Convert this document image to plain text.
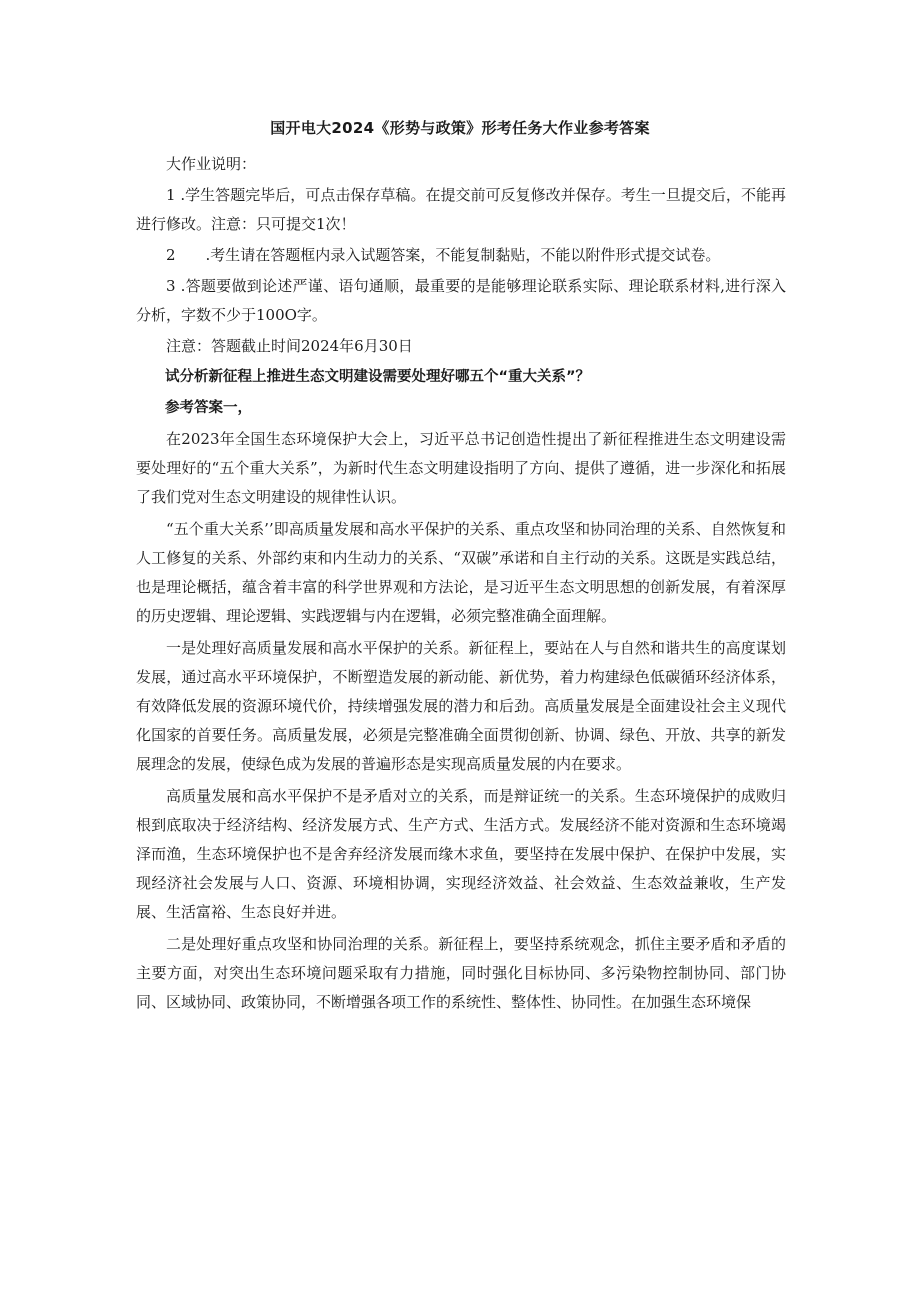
国开电大2024《形势与政策》形考任务大作业参考答案

大作业说明：

1 .学生答题完毕后，可点击保存草稿。在提交前可反复修改并保存。考生一旦提交后，不能再进行修改。注意：只可提交1次！

2　　.考生请在答题框内录入试题答案，不能复制黏贴，不能以附件形式提交试卷。

3 .答题要做到论述严谨、语句通顺，最重要的是能够理论联系实际、理论联系材料,进行深入分析，字数不少于100O字。

注意：答题截止时间2024年6月30日

试分析新征程上推进生态文明建设需要处理好哪五个“重大关系”？

参考答案一，

在2023年全国生态环境保护大会上，习近平总书记创造性提出了新征程推进生态文明建设需要处理好的“五个重大关系”，为新时代生态文明建设指明了方向、提供了遵循，进一步深化和拓展了我们党对生态文明建设的规律性认识。

“五个重大关系’’即高质量发展和高水平保护的关系、重点攻坚和协同治理的关系、自然恢复和人工修复的关系、外部约束和内生动力的关系、“双碳”承诺和自主行动的关系。这既是实践总结，也是理论概括，蕴含着丰富的科学世界观和方法论，是习近平生态文明思想的创新发展，有着深厚的历史逻辑、理论逻辑、实践逻辑与内在逻辑，必须完整准确全面理解。

一是处理好高质量发展和高水平保护的关系。新征程上，要站在人与自然和谐共生的高度谋划发展，通过高水平环境保护，不断塑造发展的新动能、新优势，着力构建绿色低碳循环经济体系，有效降低发展的资源环境代价，持续增强发展的潜力和后劲。高质量发展是全面建设社会主义现代化国家的首要任务。高质量发展，必须是完整准确全面贯彻创新、协调、绿色、开放、共享的新发展理念的发展，使绿色成为发展的普遍形态是实现高质量发展的内在要求。

高质量发展和高水平保护不是矛盾对立的关系，而是辩证统一的关系。生态环境保护的成败归根到底取决于经济结构、经济发展方式、生产方式、生活方式。发展经济不能对资源和生态环境竭泽而渔，生态环境保护也不是舍弃经济发展而缘木求鱼，要坚持在发展中保护、在保护中发展，实现经济社会发展与人口、资源、环境相协调，实现经济效益、社会效益、生态效益兼收，生产发展、生活富裕、生态良好并进。

二是处理好重点攻坚和协同治理的关系。新征程上，要坚持系统观念，抓住主要矛盾和矛盾的主要方面，对突出生态环境问题采取有力措施，同时强化目标协同、多污染物控制协同、部门协同、区域协同、政策协同，不断增强各项工作的系统性、整体性、协同性。在加强生态环境保
